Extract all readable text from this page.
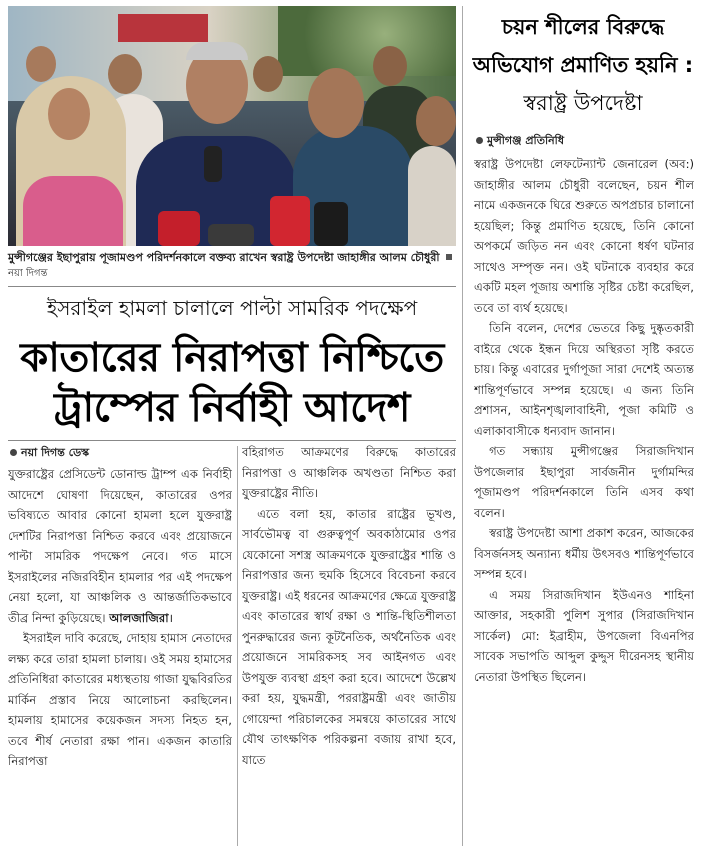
মুন্সীগঞ্জের ইছাপুরায় পূজামণ্ডপ পরিদর্শনকালে বক্তব্য রাখেন স্বরাষ্ট্র উপদেষ্টা জাহাঙ্গীর আলম চৌধুরীনয়া দিগন্ত
ইসরাইল হামলা চালালে পাল্টা সামরিক পদক্ষেপ
কাতারের নিরাপত্তা নিশ্চিতে
ট্রাম্পের নির্বাহী আদেশ
নয়া দিগন্ত ডেস্ক

যুক্তরাষ্ট্রের প্রেসিডেন্ট ডোনাল্ড ট্রাম্প এক নির্বাহী আদেশে ঘোষণা দিয়েছেন, কাতারের ওপর ভবিষ্যতে আবার কোনো হামলা হলে যুক্তরাষ্ট্র দেশটির নিরাপত্তা নিশ্চিত করবে এবং প্রয়োজনে পাল্টা সামরিক পদক্ষেপ নেবে। গত মাসে ইসরাইলের নজিরবিহীন হামলার পর এই পদক্ষেপ নেয়া হলো, যা আঞ্চলিক ও আন্তর্জাতিকভাবে তীব্র নিন্দা কুড়িয়েছে। আলজাজিরা।

ইসরাইল দাবি করেছে, দোহায় হামাস নেতাদের লক্ষ্য করে তারা হামলা চালায়। ওই সময় হামাসের প্রতিনিধিরা কাতারের মধ্যস্থতায় গাজা যুদ্ধবিরতির মার্কিন প্রস্তাব নিয়ে আলোচনা করছিলেন। হামলায় হামাসের কয়েকজন সদস্য নিহত হন, তবে শীর্ষ নেতারা রক্ষা পান। একজন কাতারি নিরাপত্তা

বহিরাগত আক্রমণের বিরুদ্ধে কাতারের নিরাপত্তা ও আঞ্চলিক অখণ্ডতা নিশ্চিত করা যুক্তরাষ্ট্রের নীতি।

এতে বলা হয়, কাতার রাষ্ট্রের ভূখণ্ড, সার্বভৌমত্ব বা গুরুত্বপূর্ণ অবকাঠামোর ওপর যেকোনো সশস্ত্র আক্রমণকে যুক্তরাষ্ট্রের শান্তি ও নিরাপত্তার জন্য হুমকি হিসেবে বিবেচনা করবে যুক্তরাষ্ট্র। এই ধরনের আক্রমণের ক্ষেত্রে যুক্তরাষ্ট্র এবং কাতারের স্বার্থ রক্ষা ও শান্তি-স্থিতিশীলতা পুনরুদ্ধারের জন্য কূটনৈতিক, অর্থনৈতিক এবং প্রয়োজনে সামরিকসহ সব আইনগত এবং উপযুক্ত ব্যবস্থা গ্রহণ করা হবে। আদেশে উল্লেখ করা হয়, যুদ্ধমন্ত্রী, পররাষ্ট্রমন্ত্রী এবং জাতীয় গোয়েন্দা পরিচালকের সমন্বয়ে কাতারের সাথে যৌথ তাৎক্ষণিক পরিকল্পনা বজায় রাখা হবে, যাতে

চয়ন শীলের বিরুদ্ধে অভিযোগ প্রমাণিত হয়নি : স্বরাষ্ট্র উপদেষ্টা
মুন্সীগঞ্জ প্রতিনিধি

স্বরাষ্ট্র উপদেষ্টা লেফটেন্যান্ট জেনারেল (অব:) জাহাঙ্গীর আলম চৌধুরী বলেছেন, চয়ন শীল নামে একজনকে ঘিরে শুরুতে অপপ্রচার চালানো হয়েছিল; কিন্তু প্রমাণিত হয়েছে, তিনি কোনো অপকর্মে জড়িত নন এবং কোনো ধর্ষণ ঘটনার সাথেও সম্পৃক্ত নন। ওই ঘটনাকে ব্যবহার করে একটি মহল পূজায় অশান্তি সৃষ্টির চেষ্টা করেছিল, তবে তা ব্যর্থ হয়েছে।

তিনি বলেন, দেশের ভেতরে কিছু দুষ্কৃতকারী বাইরে থেকে ইন্ধন দিয়ে অস্থিরতা সৃষ্টি করতে চায়। কিন্তু এবারের দুর্গাপূজা সারা দেশেই অত্যন্ত শান্তিপূর্ণভাবে সম্পন্ন হয়েছে। এ জন্য তিনি প্রশাসন, আইনশৃঙ্খলাবাহিনী, পূজা কমিটি ও এলাকাবাসীকে ধন্যবাদ জানান।

গত সন্ধ্যায় মুন্সীগঞ্জের সিরাজদিখান উপজেলার ইছাপুরা সার্বজনীন দুর্গামন্দির পূজামণ্ডপ পরিদর্শনকালে তিনি এসব কথা বলেন।

স্বরাষ্ট্র উপদেষ্টা আশা প্রকাশ করেন, আজকের বিসর্জনসহ অন্যান্য ধর্মীয় উৎসবও শান্তিপূর্ণভাবে সম্পন্ন হবে।

এ সময় সিরাজদিখান ইউএনও শাহিনা আক্তার, সহকারী পুলিশ সুপার (সিরাজদিখান সার্কেল) মো: ইব্রাহীম, উপজেলা বিএনপির সাবেক সভাপতি আব্দুল কুদ্দুস দীরেনসহ স্থানীয় নেতারা উপস্থিত ছিলেন।
